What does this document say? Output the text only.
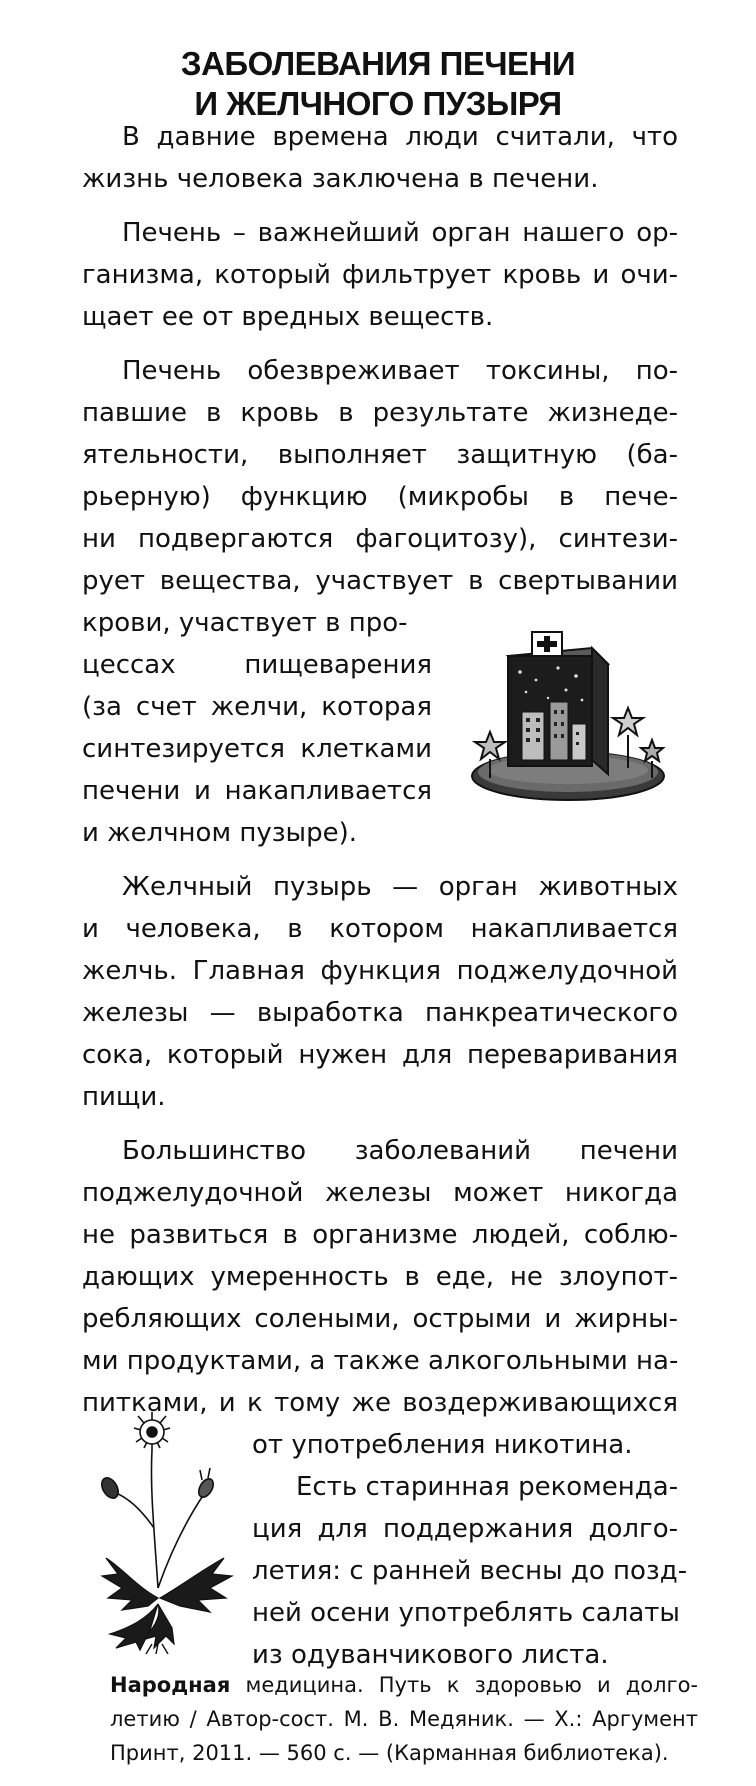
ЗАБОЛЕВАНИЯ ПЕЧЕНИ
И ЖЕЛЧНОГО ПУЗЫРЯ
В давние времена люди считали, что
жизнь человека заключена в печени.
Печень – важнейший орган нашего ор-
ганизма, который фильтрует кровь и очи-
щает ее от вредных веществ.
Печень обезвреживает токсины, по-
павшие в кровь в результате жизнеде-
ятельности, выполняет защитную (ба-
рьерную) функцию (микробы в пече-
ни подвергаются фагоцитозу), синтези-
рует вещества, участвует в свертывании
крови, участвует в про-
цессах пищеварения
(за счет желчи, которая
синтезируется клетками
печени и накапливается
и желчном пузыре).
Желчный пузырь — орган животных
и человека, в котором накапливается
желчь. Главная функция поджелудочной
железы — выработка панкреатического
сока, который нужен для переваривания
пищи.
Большинство заболеваний печени
поджелудочной железы может никогда
не развиться в организме людей, соблю-
дающих умеренность в еде, не злоупот-
ребляющих солеными, острыми и жирны-
ми продуктами, а также алкогольными на-
питками, и к тому же воздерживающихся
от употребления никотина.
Есть старинная рекоменда-
ция для поддержания долго-
летия: с ранней весны до позд-
ней осени употреблять салаты
из одуванчикового листа.
Народная медицина. Путь к здоровью и долго-
летию / Автор-сост. М. В. Медяник. — Х.: Аргумент
Принт, 2011. — 560 с. — (Карманная библиотека).
